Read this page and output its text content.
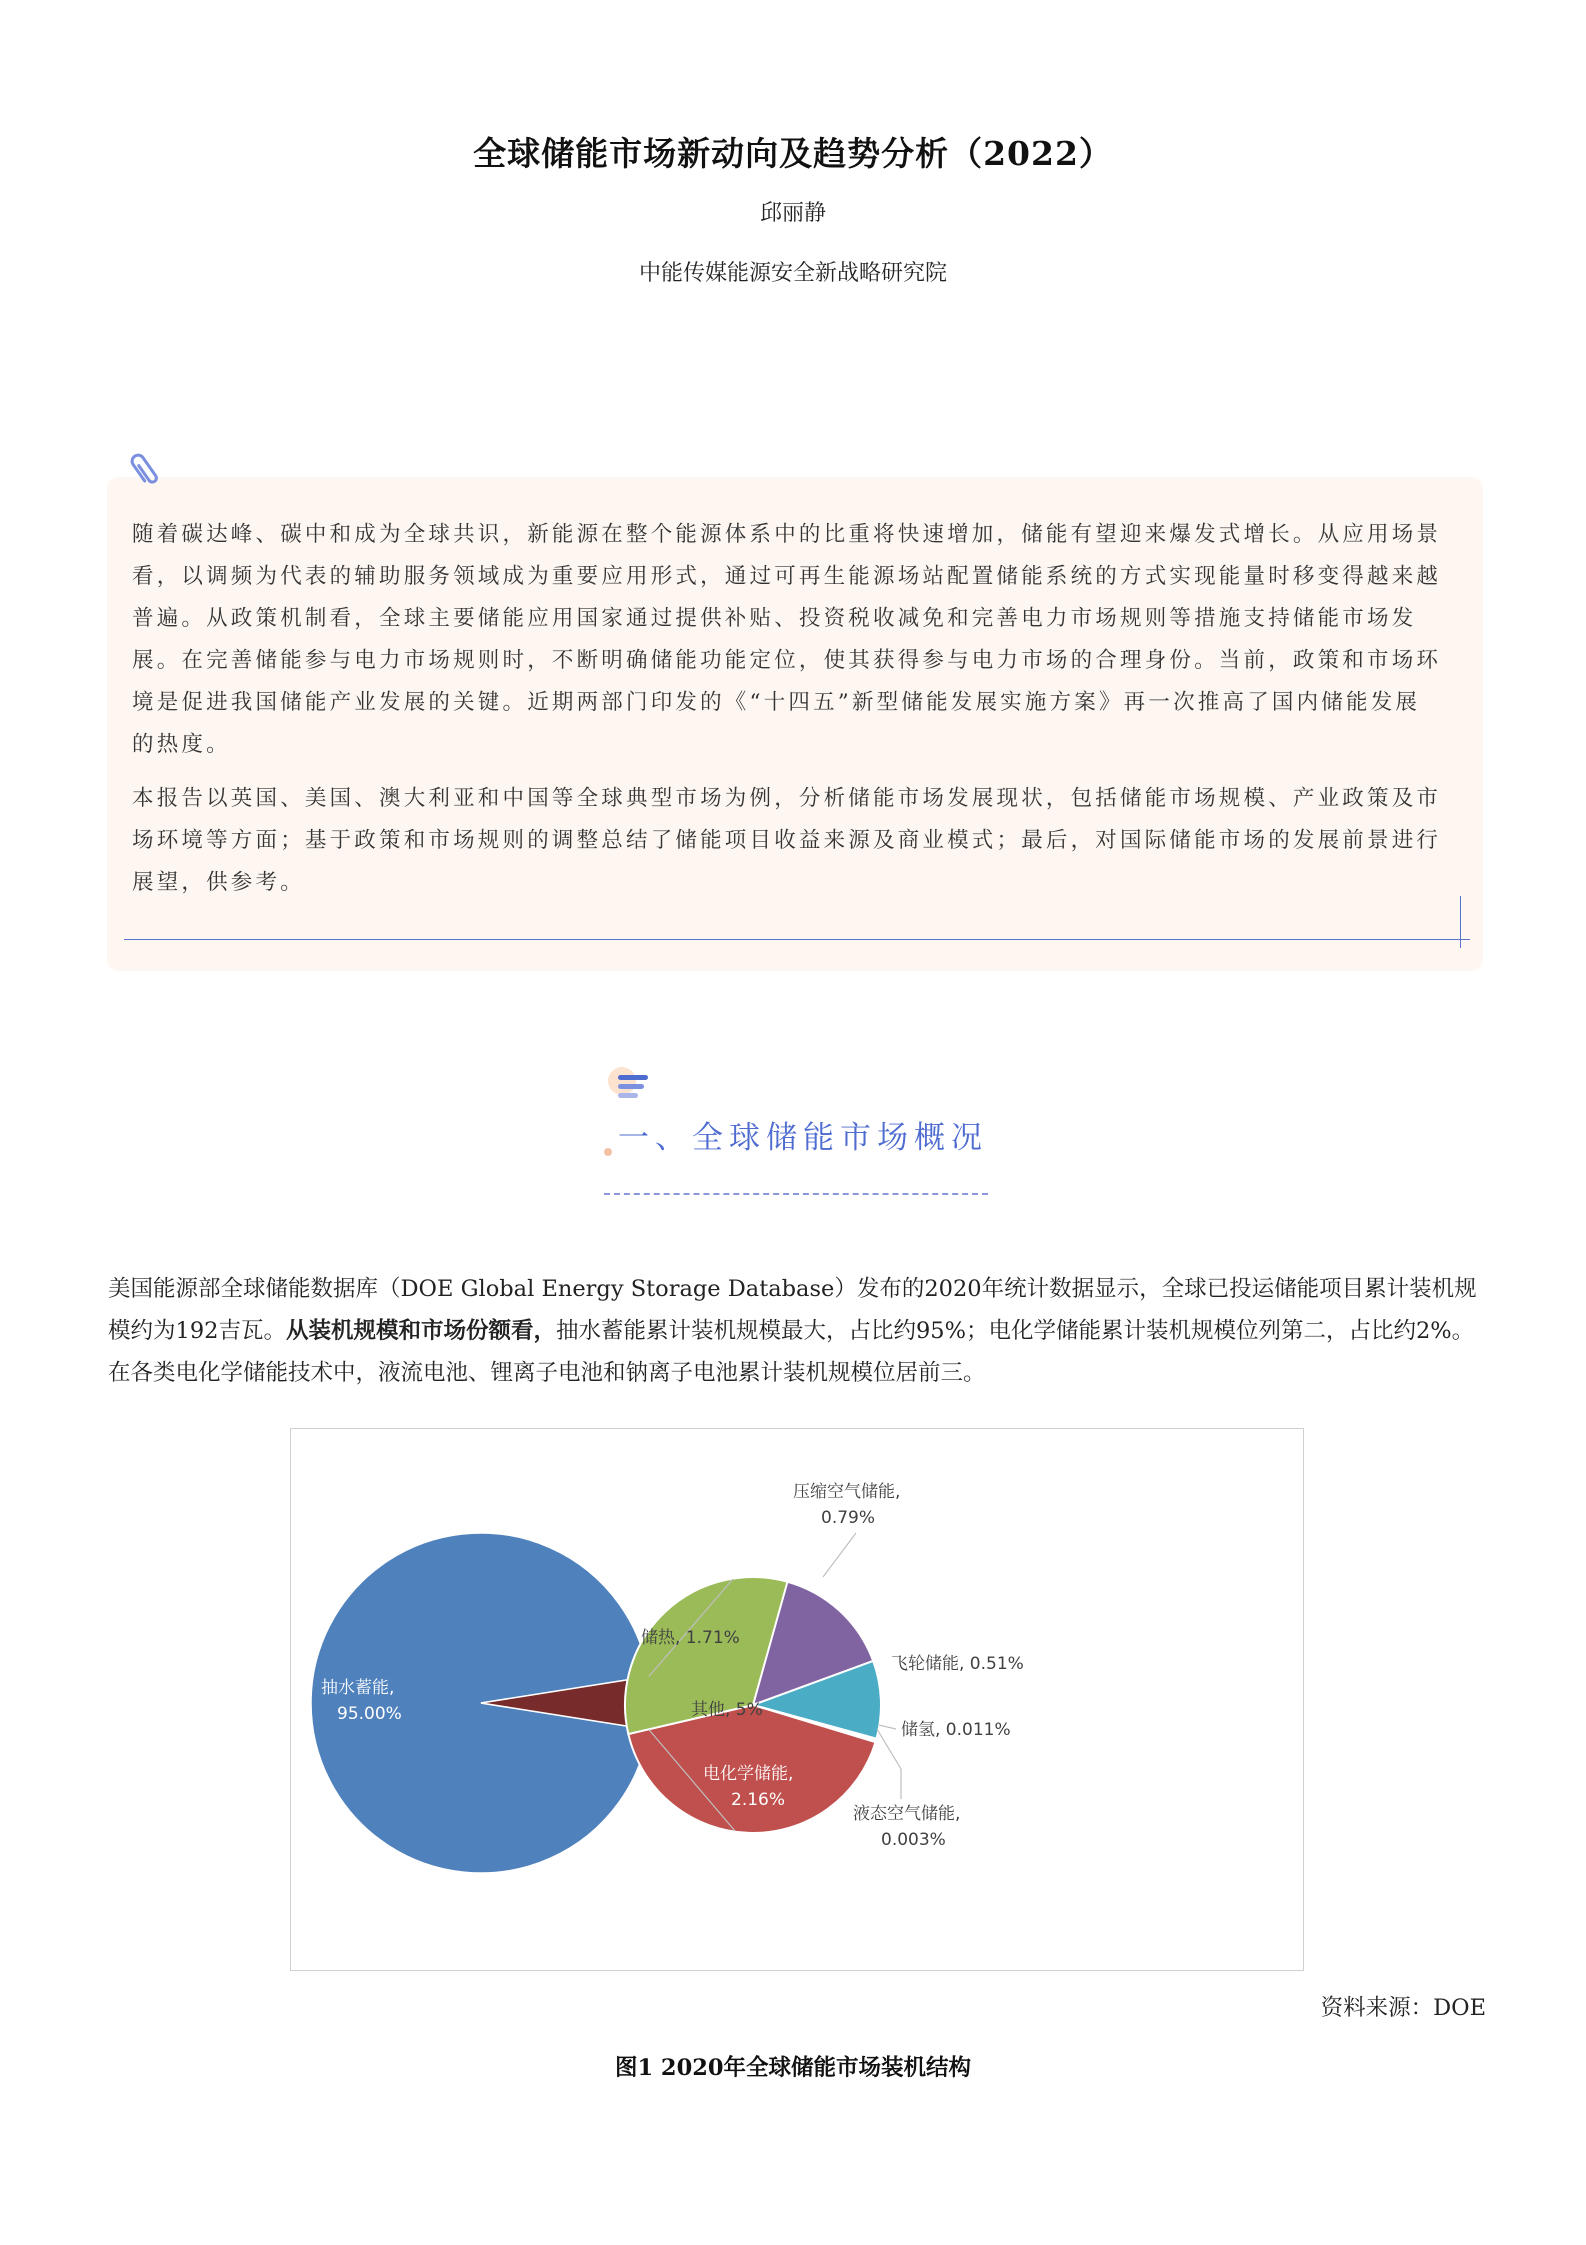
全球储能市场新动向及趋势分析（2022）
邱丽静
中能传媒能源安全新战略研究院

随着碳达峰、碳中和成为全球共识，新能源在整个能源体系中的比重将快速增加，储能有望迎来爆发式增长。从应用场景看，以调频为代表的辅助服务领域成为重要应用形式，通过可再生能源场站配置储能系统的方式实现能量时移变得越来越普遍。从政策机制看，全球主要储能应用国家通过提供补贴、投资税收减免和完善电力市场规则等措施支持储能市场发展。在完善储能参与电力市场规则时，不断明确储能功能定位，使其获得参与电力市场的合理身份。当前，政策和市场环境是促进我国储能产业发展的关键。近期两部门印发的《“十四五”新型储能发展实施方案》再一次推高了国内储能发展的热度。

本报告以英国、美国、澳大利亚和中国等全球典型市场为例，分析储能市场发展现状，包括储能市场规模、产业政策及市场环境等方面；基于政策和市场规则的调整总结了储能项目收益来源及商业模式；最后，对国际储能市场的发展前景进行展望，供参考。

一、全球储能市场概况
美国能源部全球储能数据库（DOE Global Energy Storage Database）发布的2020年统计数据显示，全球已投运储能项目累计装机规模约为192吉瓦。从装机规模和市场份额看，抽水蓄能累计装机规模最大，占比约95%；电化学储能累计装机规模位列第二，占比约2%。在各类电化学储能技术中，液流电池、锂离子电池和钠离子电池累计装机规模位居前三。
抽水蓄能,
95.00%	其他, 5%
压缩空气储能,
0.79%
储热, 1.71%
飞轮储能, 0.51%
储氢, 0.011%
电化学储能,
2.16%
液态空气储能,
0.003%
资料来源：DOE
图1 2020年全球储能市场装机结构
